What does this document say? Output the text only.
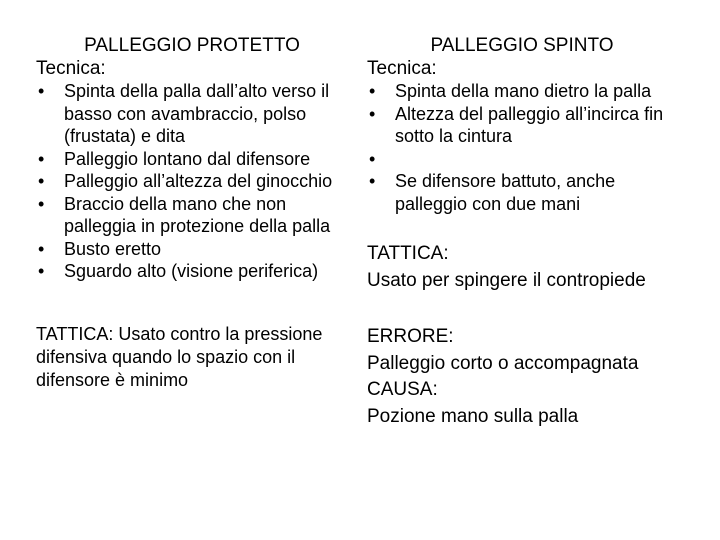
PALLEGGIO PROTETTO
Tecnica:
• Spinta della palla dall’alto verso il basso con avambraccio, polso (frustata) e dita
• Palleggio lontano dal difensore
• Palleggio all’altezza del ginocchio
• Braccio della mano che non palleggia in protezione della palla
• Busto eretto
• Sguardo alto (visione periferica)
TATTICA: Usato contro la pressione difensiva quando lo spazio con il difensore è minimo
PALLEGGIO SPINTO
Tecnica:
• Spinta della mano dietro la palla
• Altezza del palleggio all’incirca fin sotto la cintura
•
• Se difensore battuto, anche palleggio con due mani
TATTICA:
Usato per spingere il contropiede
ERRORE:
Palleggio corto o accompagnata
CAUSA:
Pozione mano sulla palla
